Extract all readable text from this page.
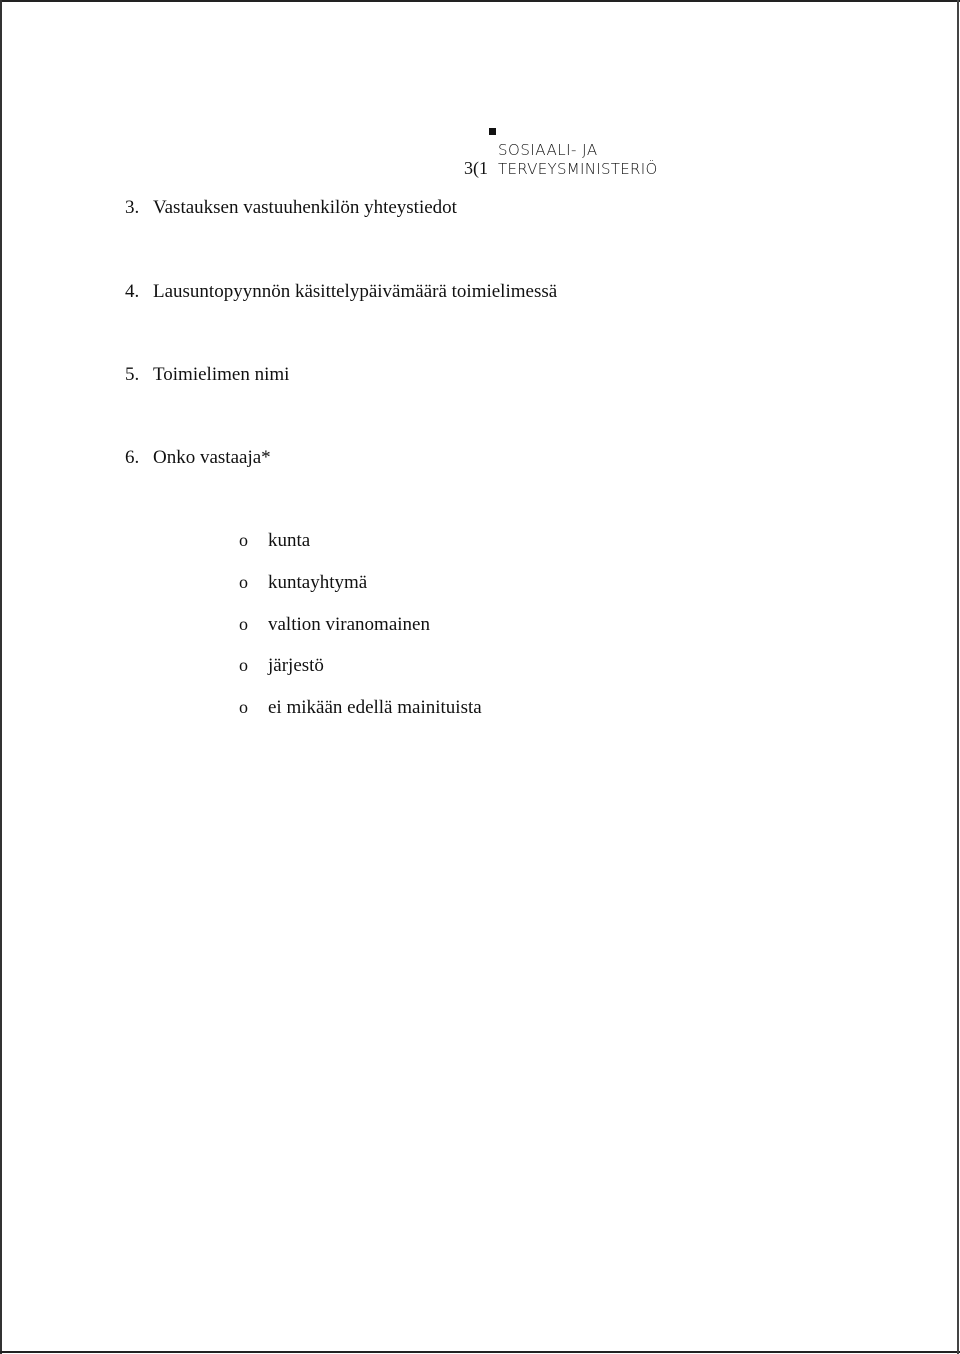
3(1
SOSIAALI- JA
TERVEYSMINISTERIÖ
3. Vastauksen vastuuhenkilön yhteystiedot
4. Lausuntopyynnön käsittelypäivämäärä toimielimessä
5. Toimielimen nimi
6. Onko vastaaja*
o kunta
o kuntayhtymä
o valtion viranomainen
o järjestö
o ei mikään edellä mainituista
